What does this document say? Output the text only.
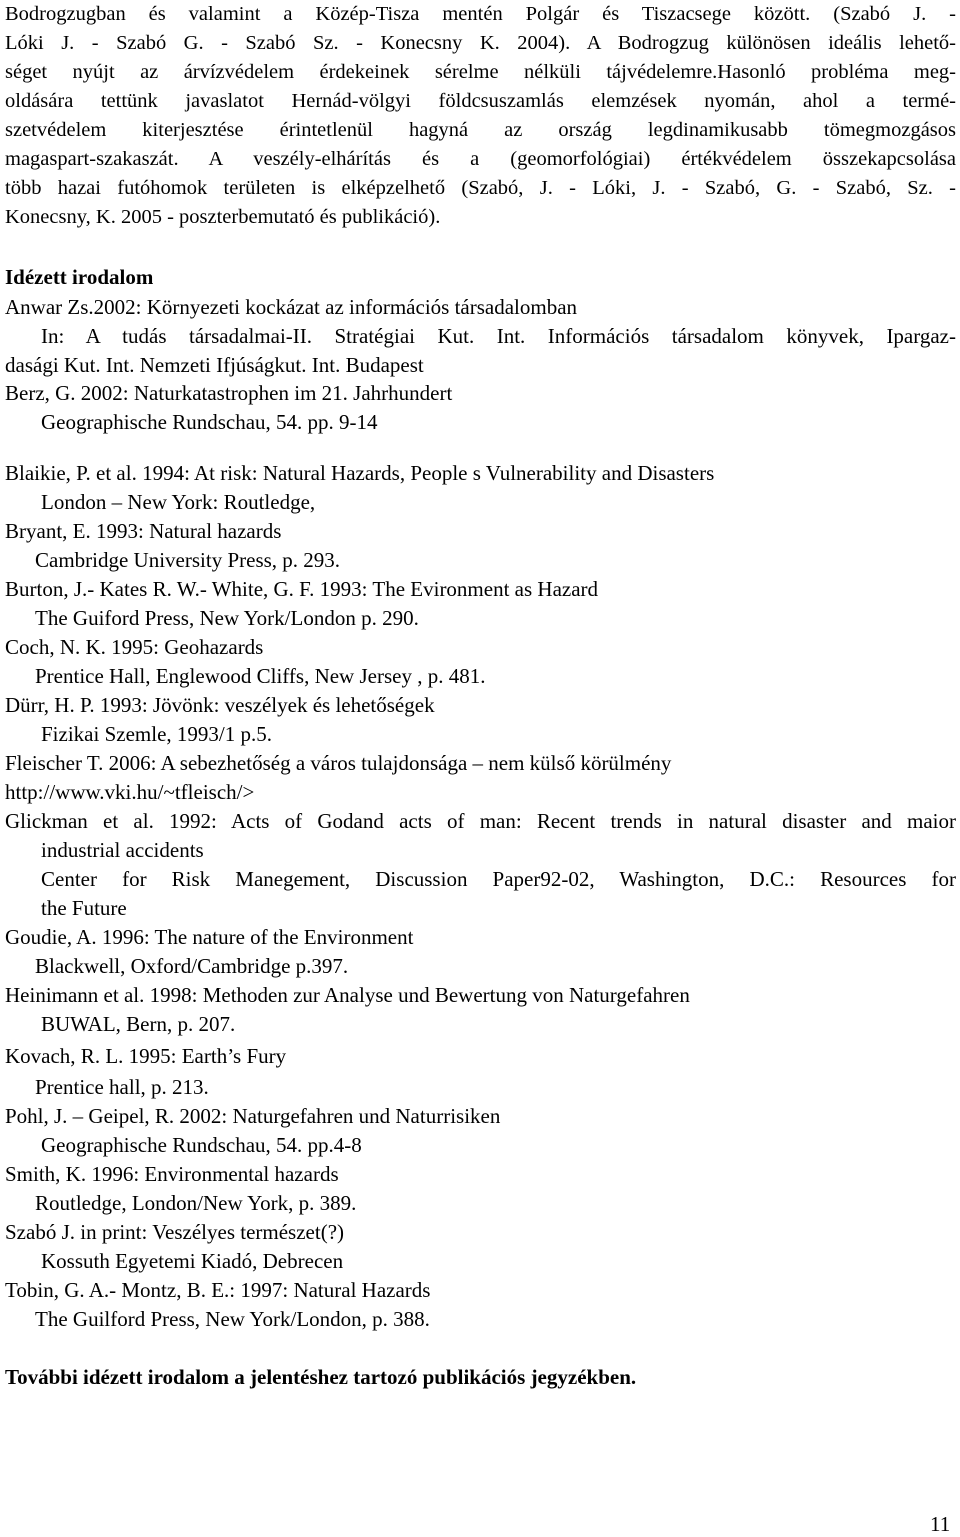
Bodrogzugban és valamint a Közép-Tisza mentén Polgár és Tiszacsege között. (Szabó J. -
Lóki J. - Szabó G. - Szabó Sz. - Konecsny K. 2004). A Bodrogzug különösen ideális lehető-
séget nyújt az árvízvédelem érdekeinek sérelme nélküli tájvédelemre.Hasonló probléma meg-
oldására tettünk javaslatot Hernád-völgyi földcsuszamlás elemzések nyomán, ahol a termé-
szetvédelem kiterjesztése érintetlenül hagyná az ország legdinamikusabb tömegmozgásos
magaspart-szakaszát. A veszély-elhárítás és a (geomorfológiai) értékvédelem összekapcsolása
több hazai futóhomok területen is elképzelhető (Szabó, J. - Lóki, J. - Szabó, G. - Szabó, Sz. -
Konecsny, K. 2005 - poszterbemutató és publikáció).
Idézett irodalom
Anwar Zs.2002: Környezeti kockázat az információs társadalomban
In: A tudás társadalmai-II. Stratégiai Kut. Int. Információs társadalom könyvek, Ipargaz-
dasági Kut. Int. Nemzeti Ifjúságkut. Int. Budapest
Berz, G. 2002: Naturkatastrophen im 21. Jahrhundert
Geographische Rundschau, 54. pp. 9-14
Blaikie, P. et al. 1994: At risk: Natural Hazards, People s Vulnerability and Disasters
London – New York: Routledge,
Bryant, E. 1993: Natural hazards
Cambridge University Press, p. 293.
Burton, J.- Kates R. W.- White, G. F. 1993: The Evironment as Hazard
The Guiford Press, New York/London p. 290.
Coch, N. K. 1995: Geohazards
Prentice Hall, Englewood Cliffs, New Jersey , p. 481.
Dürr, H. P. 1993: Jövönk: veszélyek és lehetőségek
Fizikai Szemle, 1993/1 p.5.
Fleischer T. 2006: A sebezhetőség a város tulajdonsága – nem külső körülmény
http://www.vki.hu/~tfleisch/>
Glickman et al. 1992: Acts of Godand acts of man: Recent trends in natural disaster and maior
industrial accidents
Center for Risk Manegement, Discussion Paper92-02, Washington, D.C.: Resources for
the Future
Goudie, A. 1996: The nature of the Environment
Blackwell, Oxford/Cambridge p.397.
Heinimann et al. 1998: Methoden zur Analyse und Bewertung von Naturgefahren
BUWAL, Bern, p. 207.
Kovach, R. L. 1995: Earth’s Fury
Prentice hall, p. 213.
Pohl, J. – Geipel, R. 2002: Naturgefahren und Naturrisiken
Geographische Rundschau, 54. pp.4-8
Smith, K. 1996: Environmental hazards
Routledge, London/New York, p. 389.
Szabó J. in print: Veszélyes természet(?)
Kossuth Egyetemi Kiadó, Debrecen
Tobin, G. A.- Montz, B. E.: 1997: Natural Hazards
The Guilford Press, New York/London, p. 388.
További idézett irodalom a jelentéshez tartozó publikációs jegyzékben.
11
